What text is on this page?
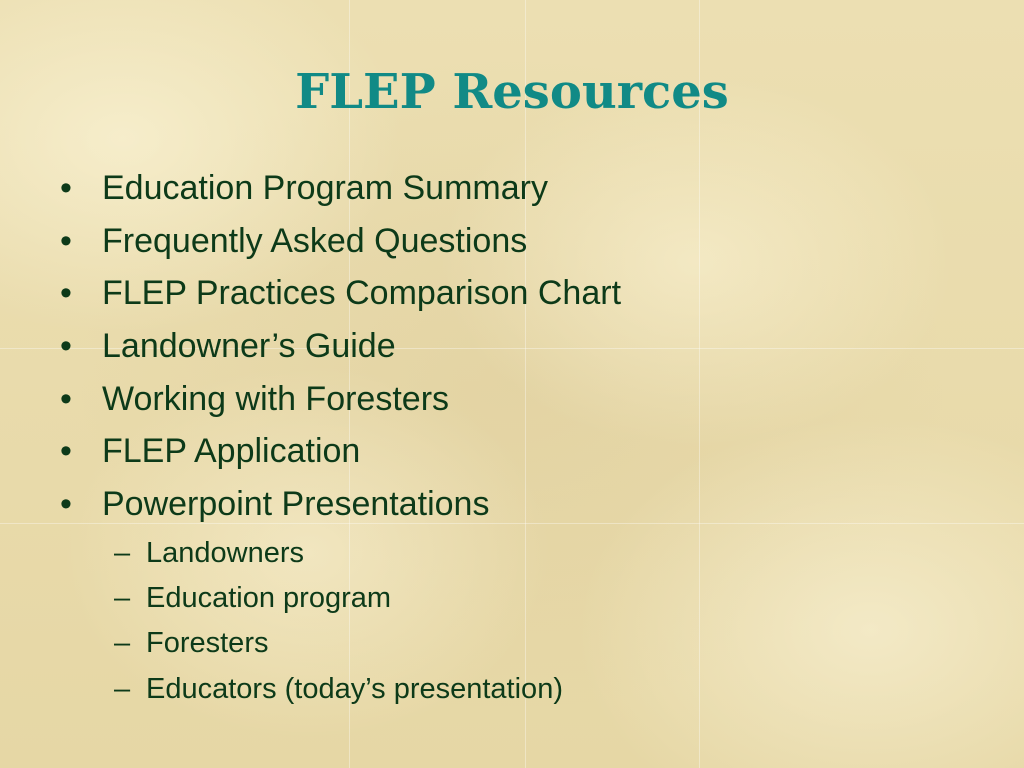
FLEP Resources
• Education Program Summary
• Frequently Asked Questions
• FLEP Practices Comparison Chart
• Landowner’s Guide
• Working with Foresters
• FLEP Application
• Powerpoint Presentations
– Landowners
– Education program
– Foresters
– Educators (today’s presentation)
